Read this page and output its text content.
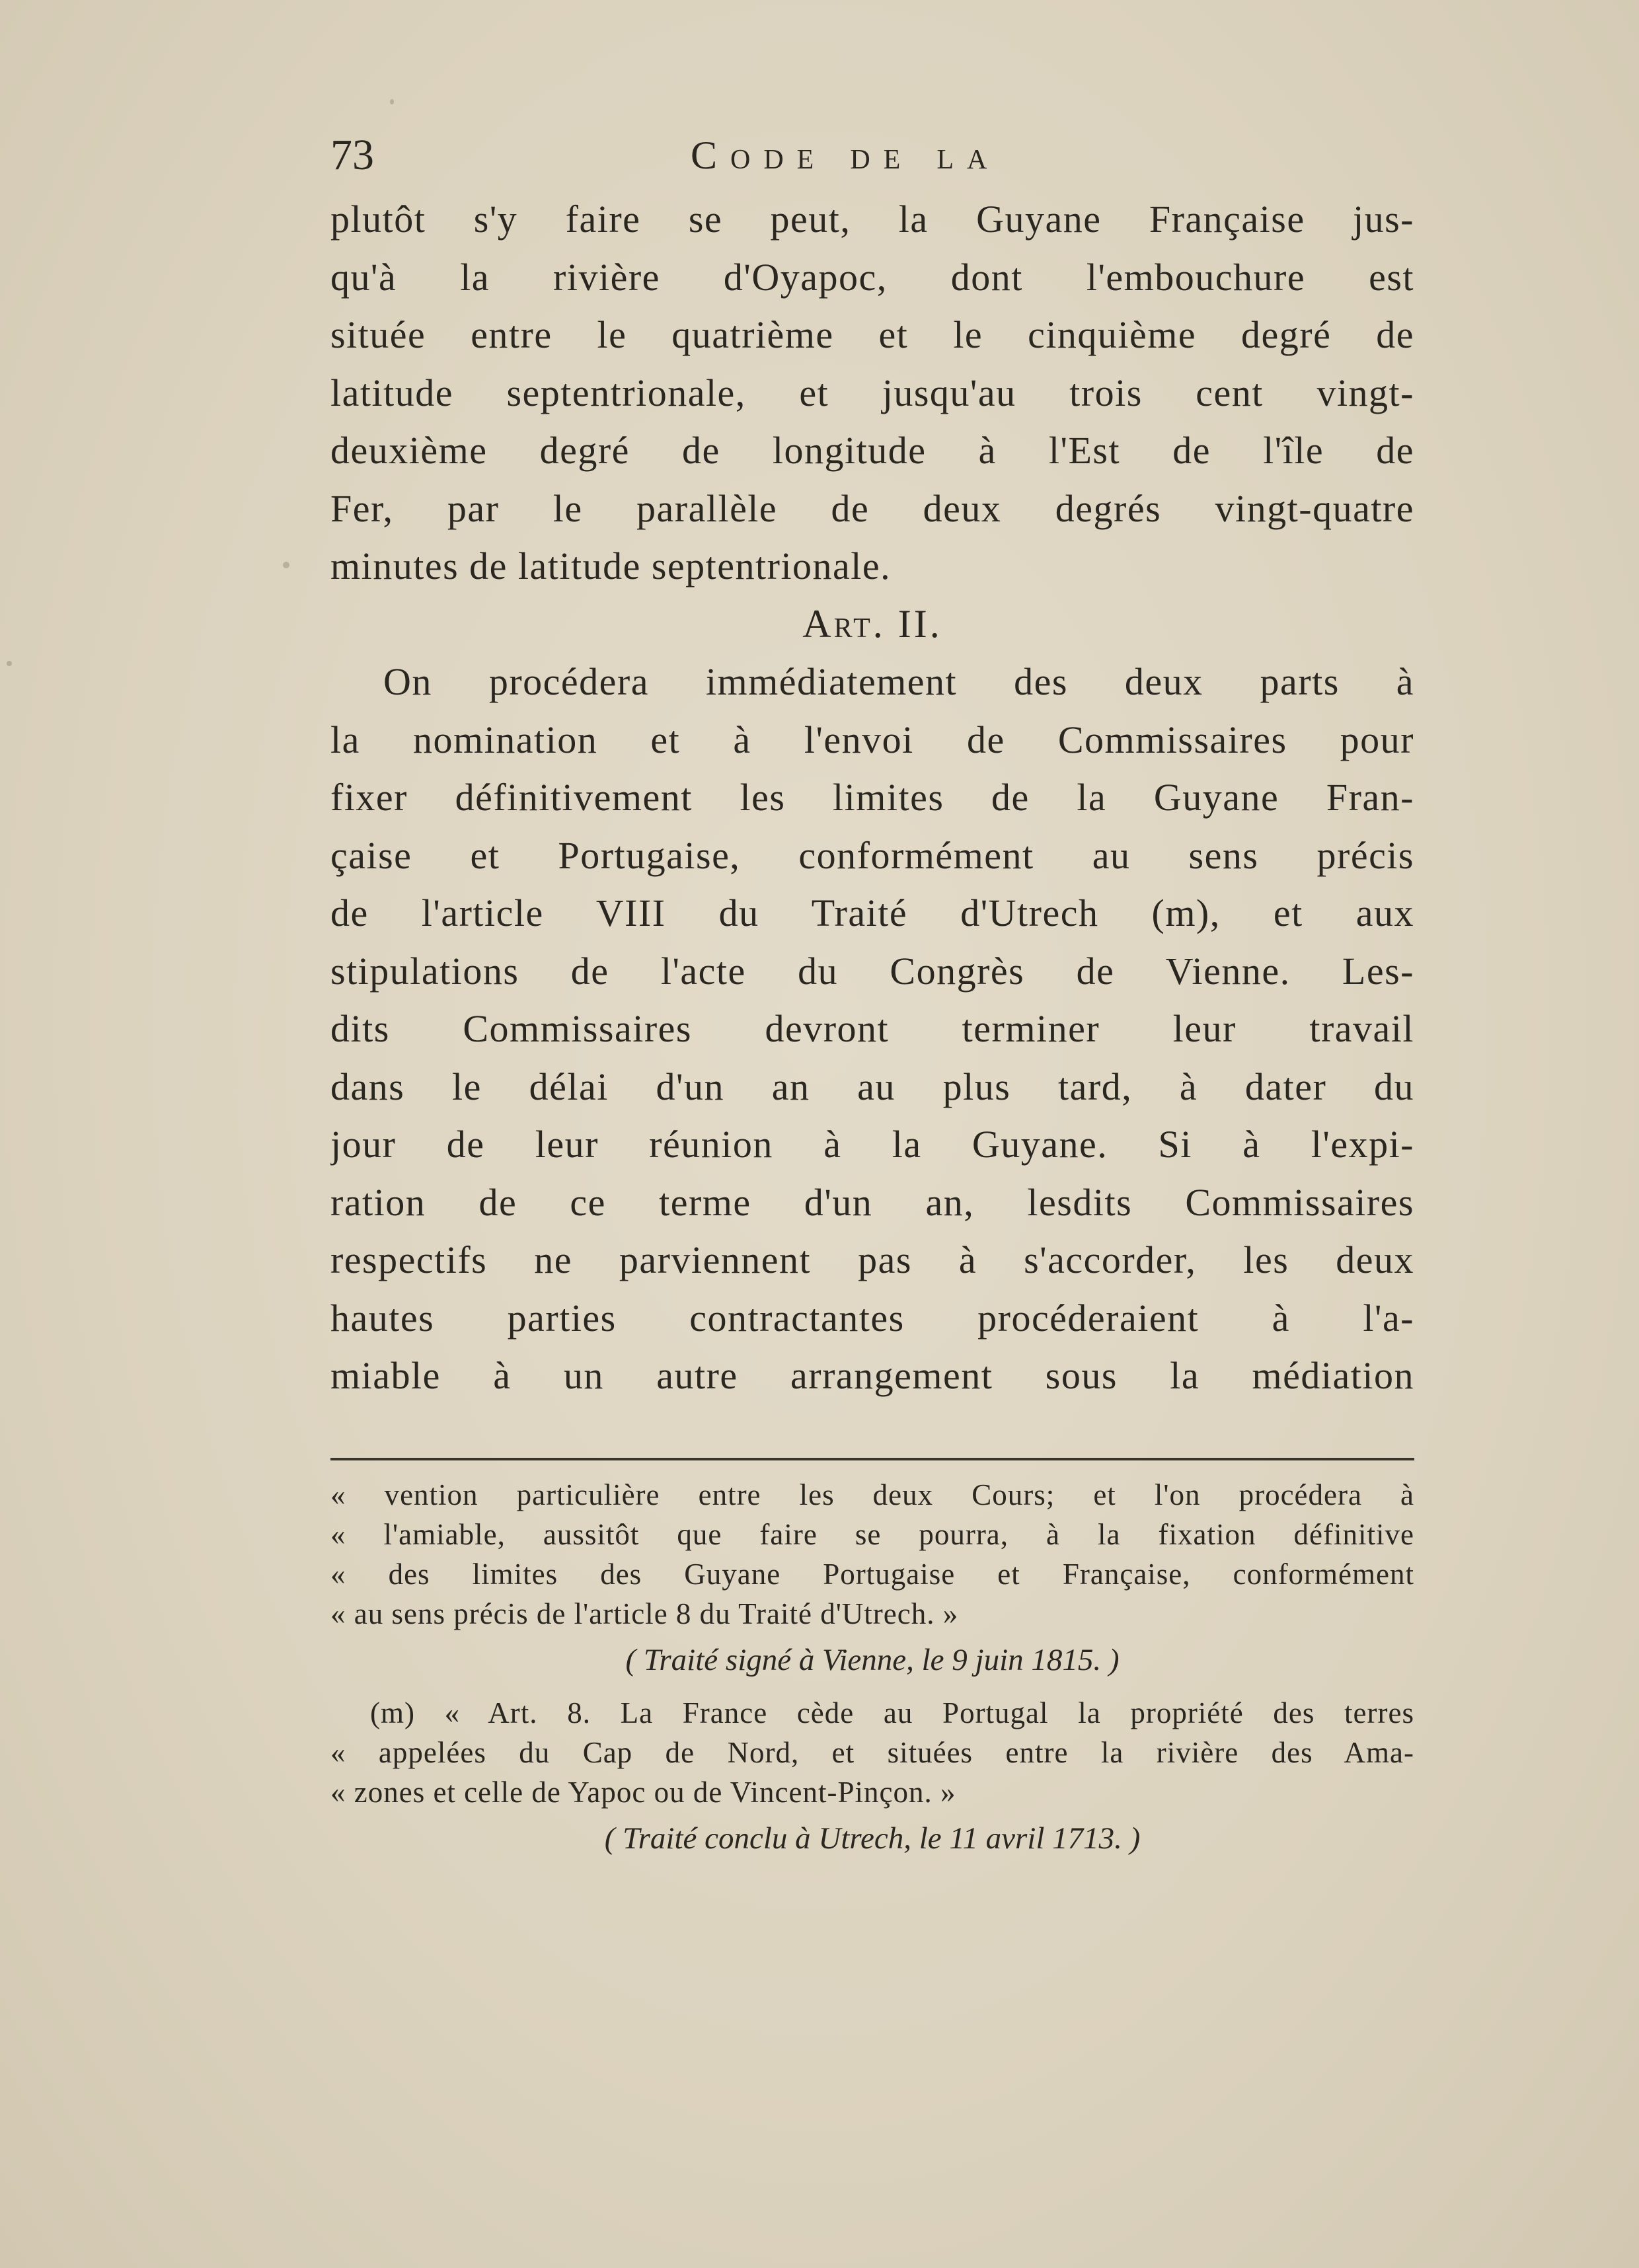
73	Code de la
plutôt s'y faire se peut, la Guyane Française jus-
qu'à la rivière d'Oyapoc, dont l'embouchure est
située entre le quatrième et le cinquième degré de
latitude septentrionale, et jusqu'au trois cent vingt-
deuxième degré de longitude à l'Est de l'île de
Fer, par le parallèle de deux degrés vingt-quatre
minutes de latitude septentrionale.
Art. II.
On procédera immédiatement des deux parts à
la nomination et à l'envoi de Commissaires pour
fixer définitivement les limites de la Guyane Fran-
çaise et Portugaise, conformément au sens précis
de l'article VIII du Traité d'Utrech (m), et aux
stipulations de l'acte du Congrès de Vienne. Les-
dits Commissaires devront terminer leur travail
dans le délai d'un an au plus tard, à dater du
jour de leur réunion à la Guyane. Si à l'expi-
ration de ce terme d'un an, lesdits Commissaires
respectifs ne parviennent pas à s'accorder, les deux
hautes parties contractantes procéderaient à l'a-
miable à un autre arrangement sous la médiation
« vention particulière entre les deux Cours; et l'on procédera à
« l'amiable, aussitôt que faire se pourra, à la fixation définitive
« des limites des Guyane Portugaise et Française, conformément
« au sens précis de l'article 8 du Traité d'Utrech. »
( Traité signé à Vienne, le 9 juin 1815. )
(m) « Art. 8. La France cède au Portugal la propriété des terres
« appelées du Cap de Nord, et situées entre la rivière des Ama-
« zones et celle de Yapoc ou de Vincent-Pinçon. »
( Traité conclu à Utrech, le 11 avril 1713. )
